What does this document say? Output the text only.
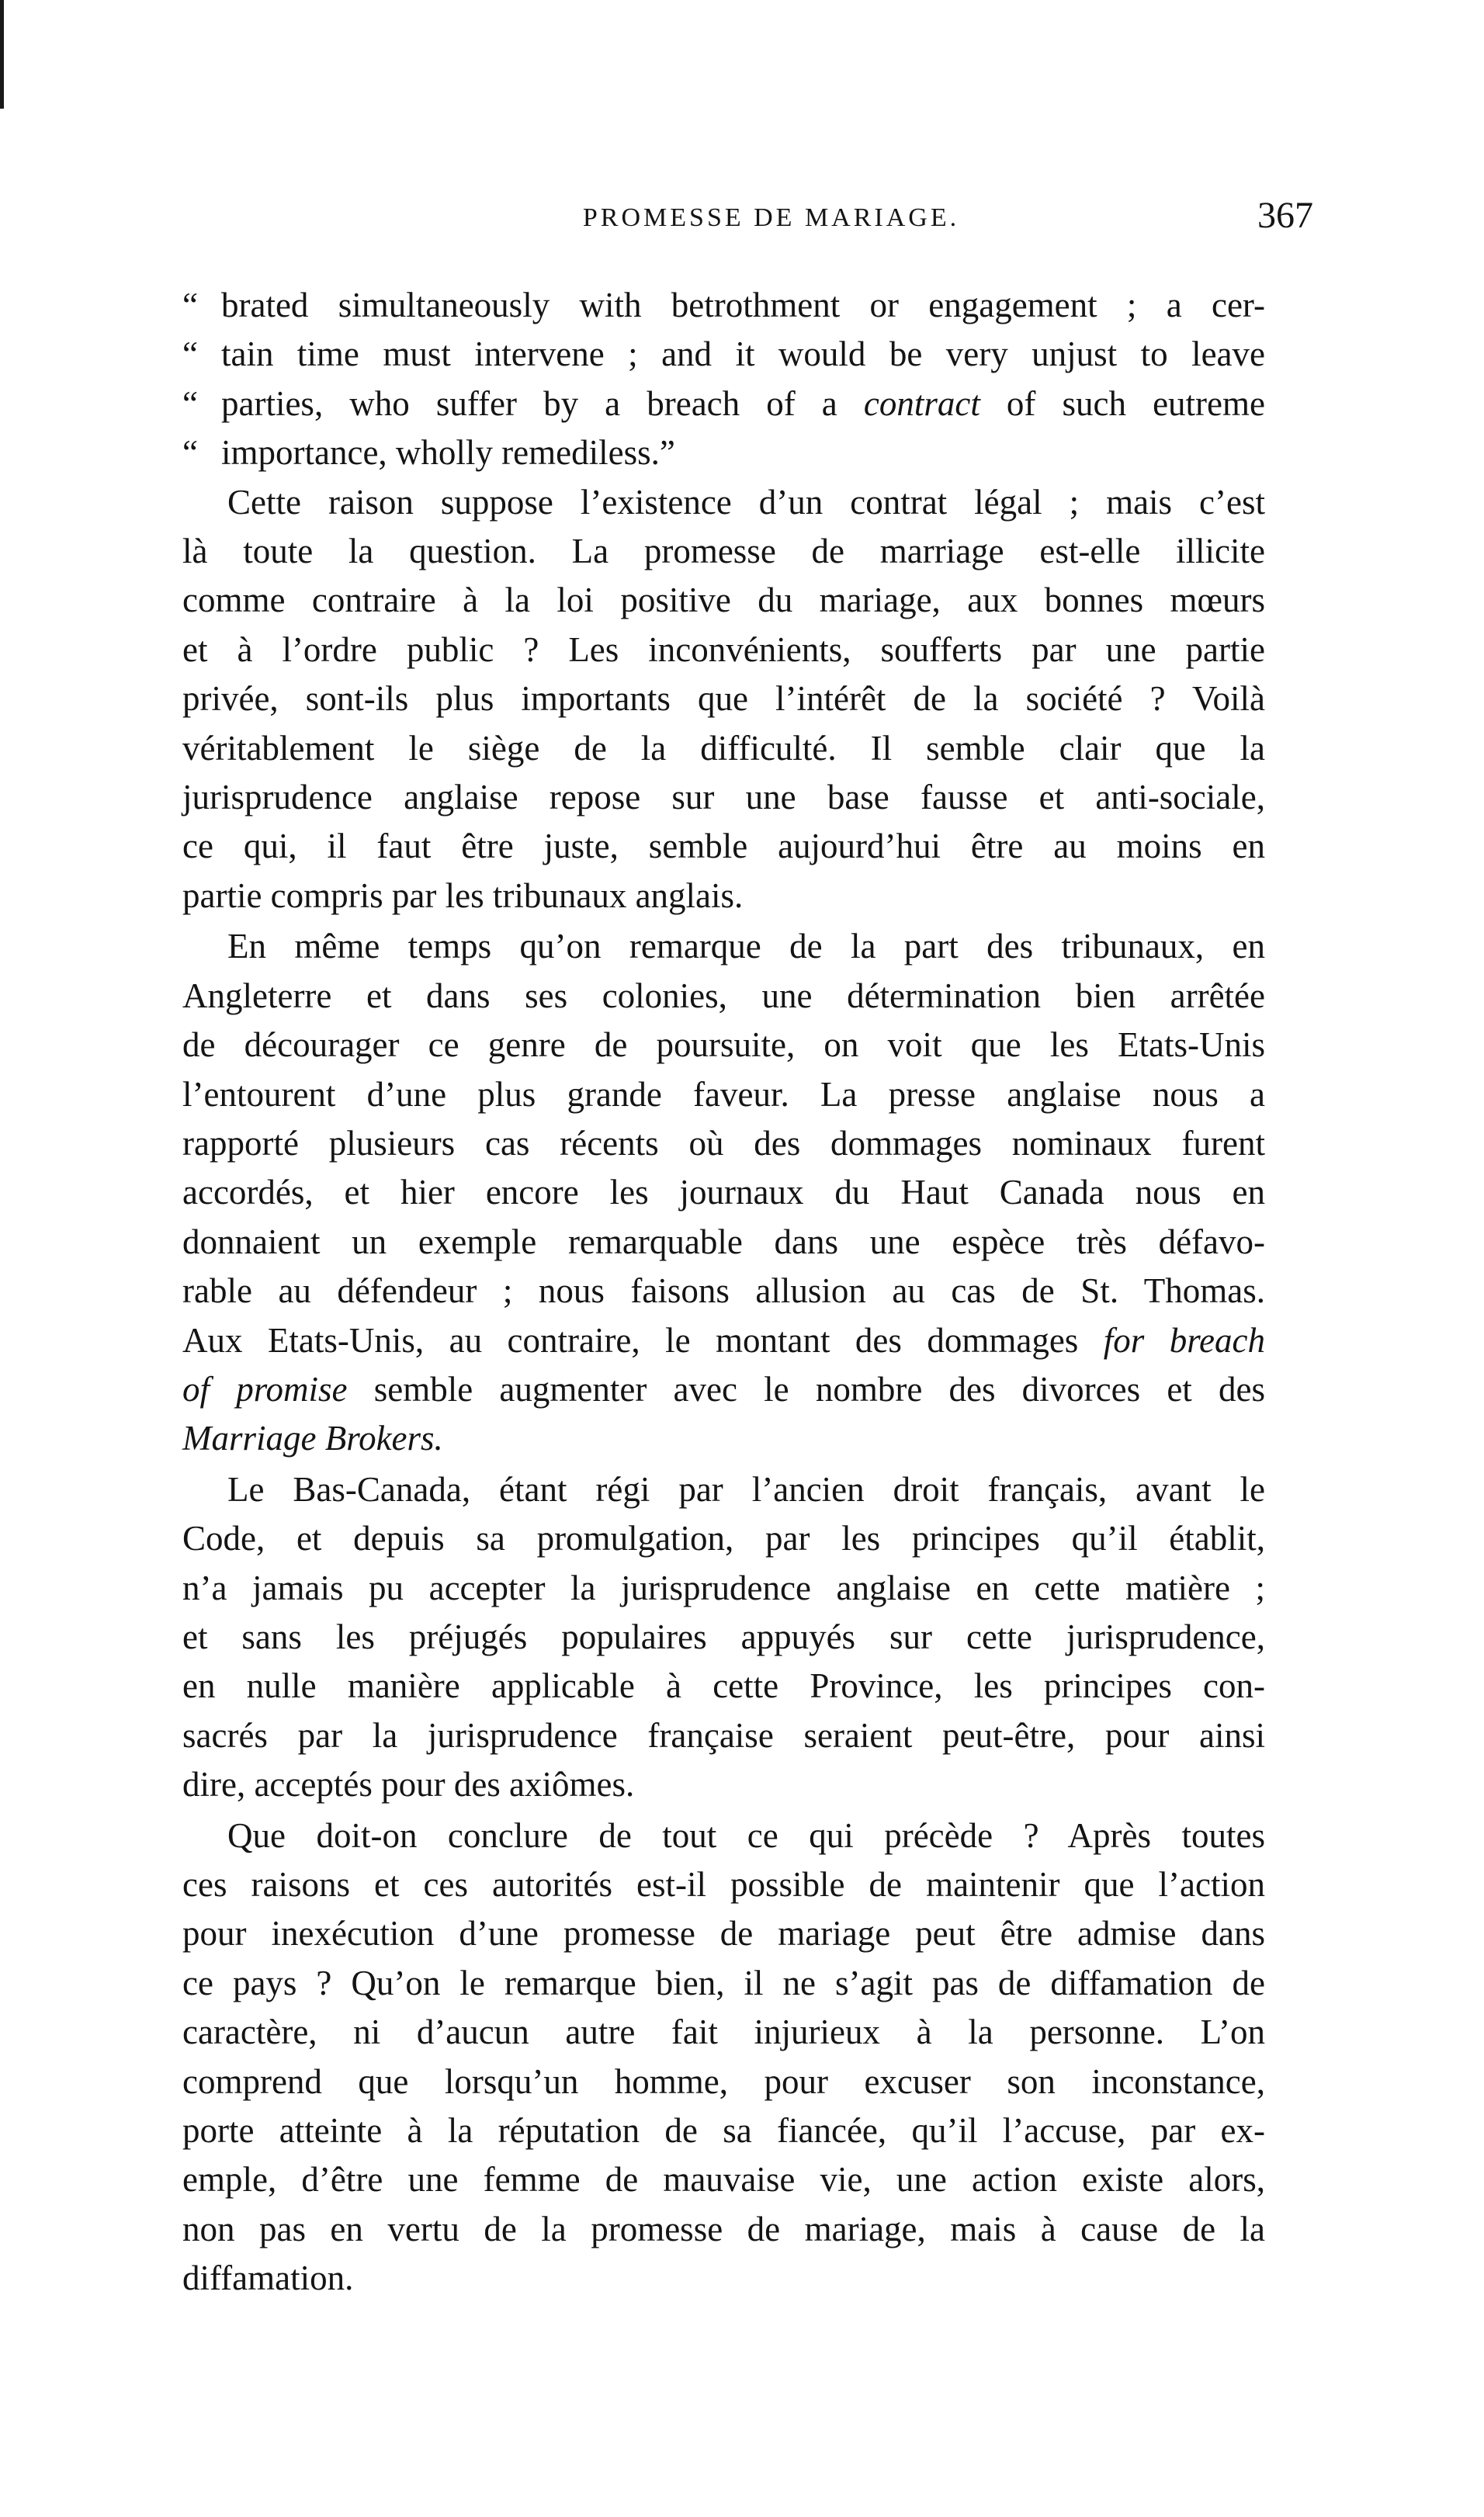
PROMESSE DE MARIAGE.	367
“ brated simultaneously with betrothment or engagement ; a cer-
“ tain time must intervene ; and it would be very unjust to leave
“ parties, who suffer by a breach of a contract of such eutreme
“ importance, wholly remediless.”
Cette raison suppose l’existence d’un contrat légal ; mais c’est
là toute la question. La promesse de marriage est-elle illicite
comme contraire à la loi positive du mariage, aux bonnes mœurs
et à l’ordre public ? Les inconvénients, soufferts par une partie
privée, sont-ils plus importants que l’intérêt de la société ? Voilà
véritablement le siège de la difficulté. Il semble clair que la
jurisprudence anglaise repose sur une base fausse et anti-sociale,
ce qui, il faut être juste, semble aujourd’hui être au moins en
partie compris par les tribunaux anglais.
En même temps qu’on remarque de la part des tribunaux, en
Angleterre et dans ses colonies, une détermination bien arrêtée
de décourager ce genre de poursuite, on voit que les Etats-Unis
l’entourent d’une plus grande faveur. La presse anglaise nous a
rapporté plusieurs cas récents où des dommages nominaux furent
accordés, et hier encore les journaux du Haut Canada nous en
donnaient un exemple remarquable dans une espèce très défavo-
rable au défendeur ; nous faisons allusion au cas de St. Thomas.
Aux Etats-Unis, au contraire, le montant des dommages for breach
of promise semble augmenter avec le nombre des divorces et des
Marriage Brokers.
Le Bas-Canada, étant régi par l’ancien droit français, avant le
Code, et depuis sa promulgation, par les principes qu’il établit,
n’a jamais pu accepter la jurisprudence anglaise en cette matière ;
et sans les préjugés populaires appuyés sur cette jurisprudence,
en nulle manière applicable à cette Province, les principes con-
sacrés par la jurisprudence française seraient peut-être, pour ainsi
dire, acceptés pour des axiômes.
Que doit-on conclure de tout ce qui précède ? Après toutes
ces raisons et ces autorités est-il possible de maintenir que l’action
pour inexécution d’une promesse de mariage peut être admise dans
ce pays ? Qu’on le remarque bien, il ne s’agit pas de diffamation de
caractère, ni d’aucun autre fait injurieux à la personne. L’on
comprend que lorsqu’un homme, pour excuser son inconstance,
porte atteinte à la réputation de sa fiancée, qu’il l’accuse, par ex-
emple, d’être une femme de mauvaise vie, une action existe alors,
non pas en vertu de la promesse de mariage, mais à cause de la
diffamation.
